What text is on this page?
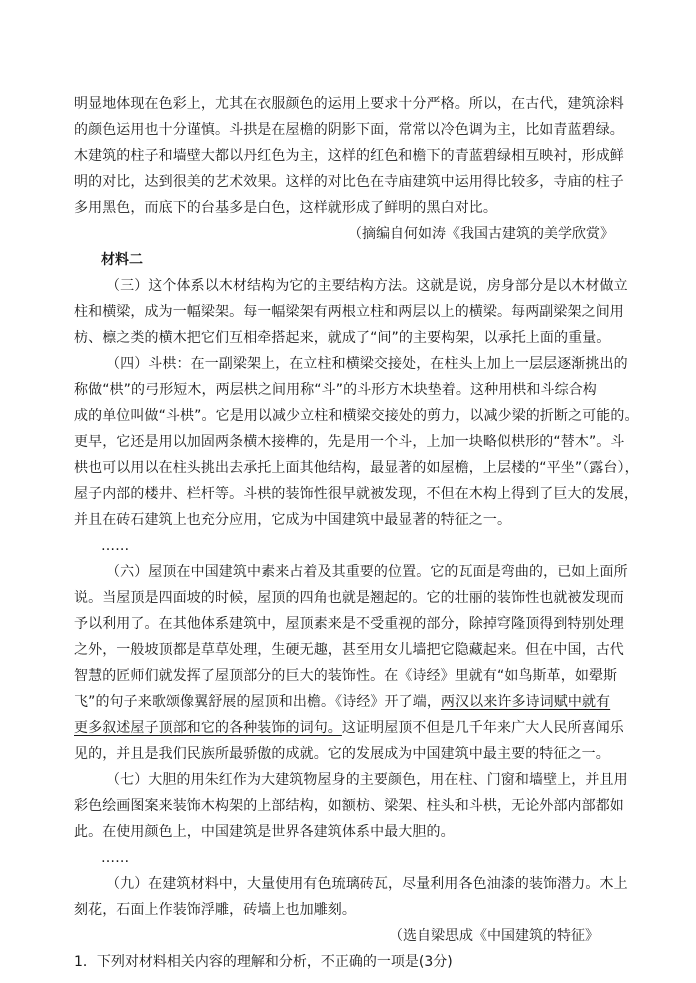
明显地体现在色彩上，尤其在衣服颜色的运用上要求十分严格。所以，在古代，建筑涂料
的颜色运用也十分谨慎。斗拱是在屋檐的阴影下面，常常以冷色调为主，比如青蓝碧绿。
木建筑的柱子和墙壁大都以丹红色为主，这样的红色和檐下的青蓝碧绿相互映衬，形成鲜
明的对比，达到很美的艺术效果。这样的对比色在寺庙建筑中运用得比较多，寺庙的柱子
多用黑色，而底下的台基多是白色，这样就形成了鲜明的黑白对比。
（摘编自何如涛《我国古建筑的美学欣赏》
材料二
（三）这个体系以木材结构为它的主要结构方法。这就是说，房身部分是以木材做立
柱和横梁，成为一幅梁架。每一幅梁架有两根立柱和两层以上的横梁。每两副梁架之间用
枋、檩之类的横木把它们互相牵搭起来，就成了“间”的主要构架，以承托上面的重量。
（四）斗栱：在一副梁架上，在立柱和横梁交接处，在柱头上加上一层层逐渐挑出的
称做“栱”的弓形短木，两层栱之间用称“斗”的斗形方木块垫着。这种用栱和斗综合构
成的单位叫做“斗栱”。它是用以减少立柱和横梁交接处的剪力，以减少梁的折断之可能的。
更早，它还是用以加固两条横木接榫的，先是用一个斗，上加一块略似栱形的“替木”。斗
栱也可以用以在柱头挑出去承托上面其他结构，最显著的如屋檐，上层楼的“平坐”（露台），
屋子内部的楼井、栏杆等。斗栱的装饰性很早就被发现，不但在木构上得到了巨大的发展，
并且在砖石建筑上也充分应用，它成为中国建筑中最显著的特征之一。
……
（六）屋顶在中国建筑中素来占着及其重要的位置。它的瓦面是弯曲的，已如上面所
说。当屋顶是四面坡的时候，屋顶的四角也就是翘起的。它的壮丽的装饰性也就被发现而
予以利用了。在其他体系建筑中，屋顶素来是不受重视的部分，除掉穹隆顶得到特别处理
之外，一般坡顶都是草草处理，生硬无趣，甚至用女儿墙把它隐藏起来。但在中国，古代
智慧的匠师们就发挥了屋顶部分的巨大的装饰性。在《诗经》里就有“如鸟斯革，如翚斯
飞”的句子来歌颂像翼舒展的屋顶和出檐。《诗经》开了端，两汉以来许多诗词赋中就有
更多叙述屋子顶部和它的各种装饰的词句。这证明屋顶不但是几千年来广大人民所喜闻乐
见的，并且是我们民族所最骄傲的成就。它的发展成为中国建筑中最主要的特征之一。
（七）大胆的用朱红作为大建筑物屋身的主要颜色，用在柱、门窗和墙壁上，并且用
彩色绘画图案来装饰木构架的上部结构，如额枋、梁架、柱头和斗栱，无论外部内部都如
此。在使用颜色上，中国建筑是世界各建筑体系中最大胆的。
……
（九）在建筑材料中，大量使用有色琉璃砖瓦，尽量利用各色油漆的装饰潜力。木上
刻花，石面上作装饰浮雕，砖墙上也加雕刻。
（选自梁思成《中国建筑的特征》
1．下列对材料相关内容的理解和分析，不正确的一项是(3分)
